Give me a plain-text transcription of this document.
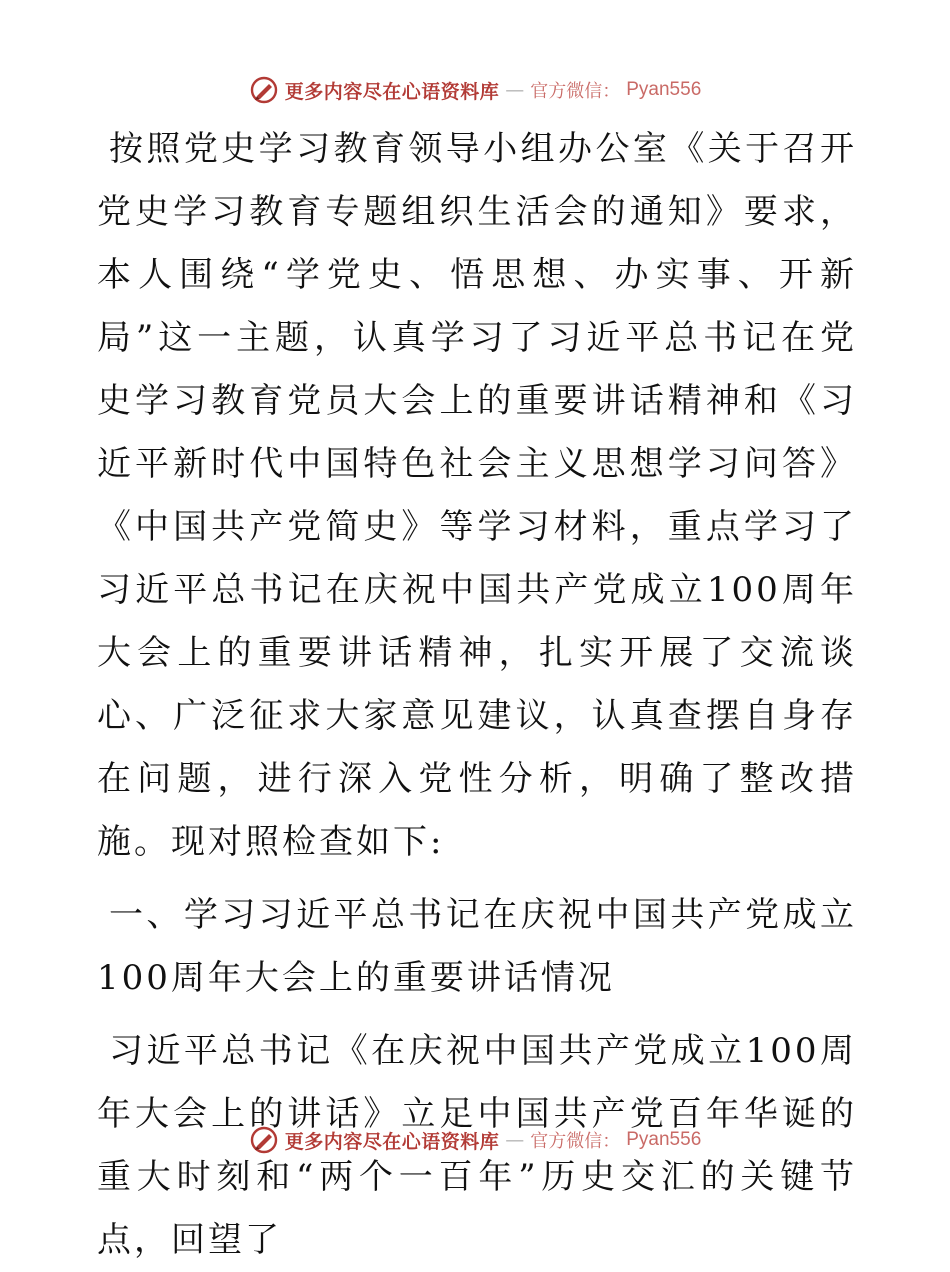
更多内容尽在心语资料库 — 官方微信： Pyan556

按照党史学习教育领导小组办公室《关于召开党史学习教育专题组织生活会的通知》要求，本人围绕“学党史、悟思想、办实事、开新局”这一主题，认真学习了习近平总书记在党史学习教育党员大会上的重要讲话精神和《习近平新时代中国特色社会主义思想学习问答》《中国共产党简史》等学习材料，重点学习了习近平总书记在庆祝中国共产党成立100周年大会上的重要讲话精神，扎实开展了交流谈心、广泛征求大家意见建议，认真查摆自身存在问题，进行深入党性分析，明确了整改措施。现对照检查如下:

一、学习习近平总书记在庆祝中国共产党成立100周年大会上的重要讲话情况

习近平总书记《在庆祝中国共产党成立100周年大会上的讲话》立足中国共产党百年华诞的重大时刻和“两个一百年”历史交汇的关键节点，回望了

更多内容尽在心语资料库 — 官方微信： Pyan556
